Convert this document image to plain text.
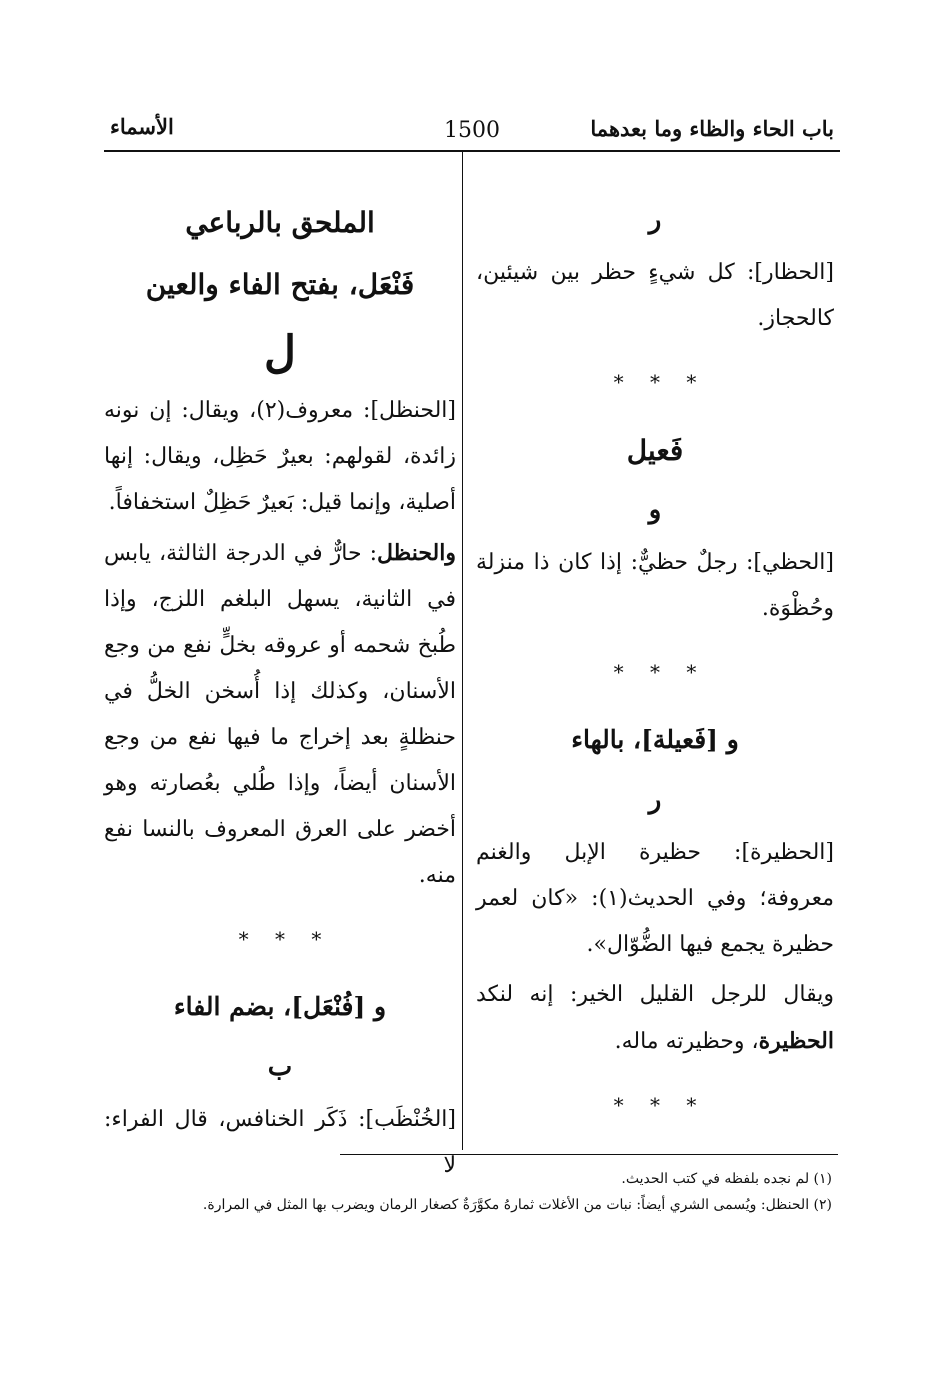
باب الحاء والظاء وما بعدهما
1500
الأسماء
ر

[الحظار]: كل شيءٍ حظر بين شيئين، كالحجاز.

* * *
فَعيل
و

[الحظي]: رجلٌ حظيٌّ: إذا كان ذا منزلة وحُظْوَة.

* * *
و [فَعيلة]، بالهاء
ر

[الحظيرة]: حظيرة الإبل والغنم معروفة؛ وفي الحديث(١): «كان لعمر حظيرة يجمع فيها الضُّوّال».

ويقال للرجل القليل الخير: إنه لنكد الحظيرة، وحظيرته ماله.

* * *
الملحق بالرباعي
فَنْعَل، بفتح الفاء والعين
ل

[الحنظل]: معروف(٢)، ويقال: إن نونه زائدة، لقولهم: بعيرٌ حَظِل، ويقال: إنها أصلية، وإنما قيل: بَعيرٌ حَظِلٌ استخفافاً.

والحنظل: حارٌّ في الدرجة الثالثة، يابس في الثانية، يسهل البلغم اللزج، وإذا طُبخ شحمه أو عروقه بخلٍّ نفع من وجع الأسنان، وكذلك إذا أُسخن الخلُّ في حنظلةٍ بعد إخراج ما فيها نفع من وجع الأسنان أيضاً، وإذا طُلي بعُصارته وهو أخضر على العرق المعروف بالنسا نفع منه.

* * *
و [فُنْعَل]، بضم الفاء
ب

[الخُنْظَب]: ذَكَر الخنافس، قال الفراء: لا

(١) لم نجده بلفظه في كتب الحديث.

(٢) الحنظل: ويُسمى الشري أيضاً: نبات من الأغلات ثمارهُ مكوَّرَةٌ كصغار الرمان ويضرب بها المثل في المرارة.
